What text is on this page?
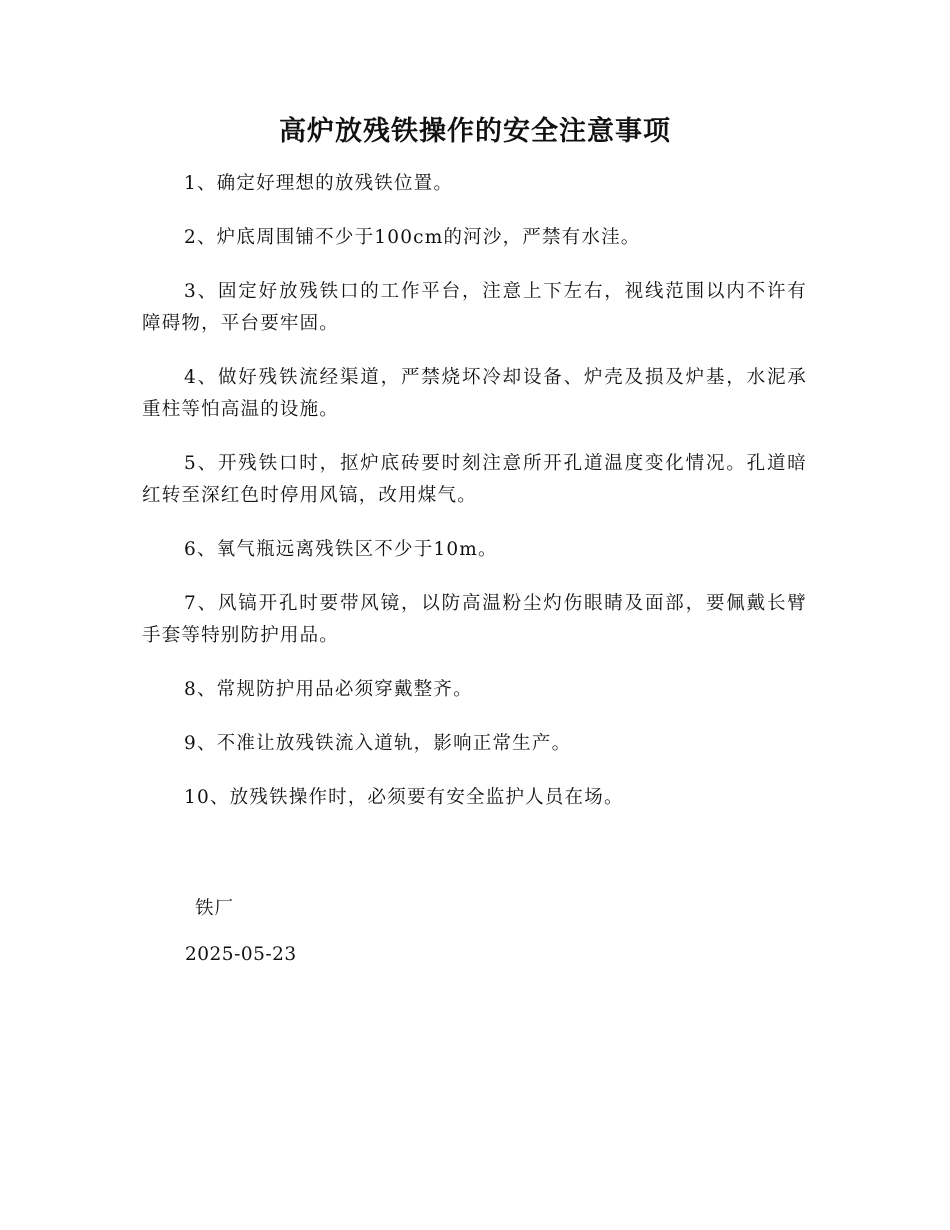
高炉放残铁操作的安全注意事项

1、确定好理想的放残铁位置。

2、炉底周围铺不少于100cm的河沙，严禁有水洼。

3、固定好放残铁口的工作平台，注意上下左右，视线范围以内不许有障碍物，平台要牢固。

4、做好残铁流经渠道，严禁烧坏冷却设备、炉壳及损及炉基，水泥承重柱等怕高温的设施。

5、开残铁口时，抠炉底砖要时刻注意所开孔道温度变化情况。孔道暗红转至深红色时停用风镐，改用煤气。

6、氧气瓶远离残铁区不少于10m。

7、风镐开孔时要带风镜，以防高温粉尘灼伤眼睛及面部，要佩戴长臂手套等特别防护用品。

8、常规防护用品必须穿戴整齐。

9、不准让放残铁流入道轨，影响正常生产。

10、放残铁操作时，必须要有安全监护人员在场。

铁厂

2025-05-23
